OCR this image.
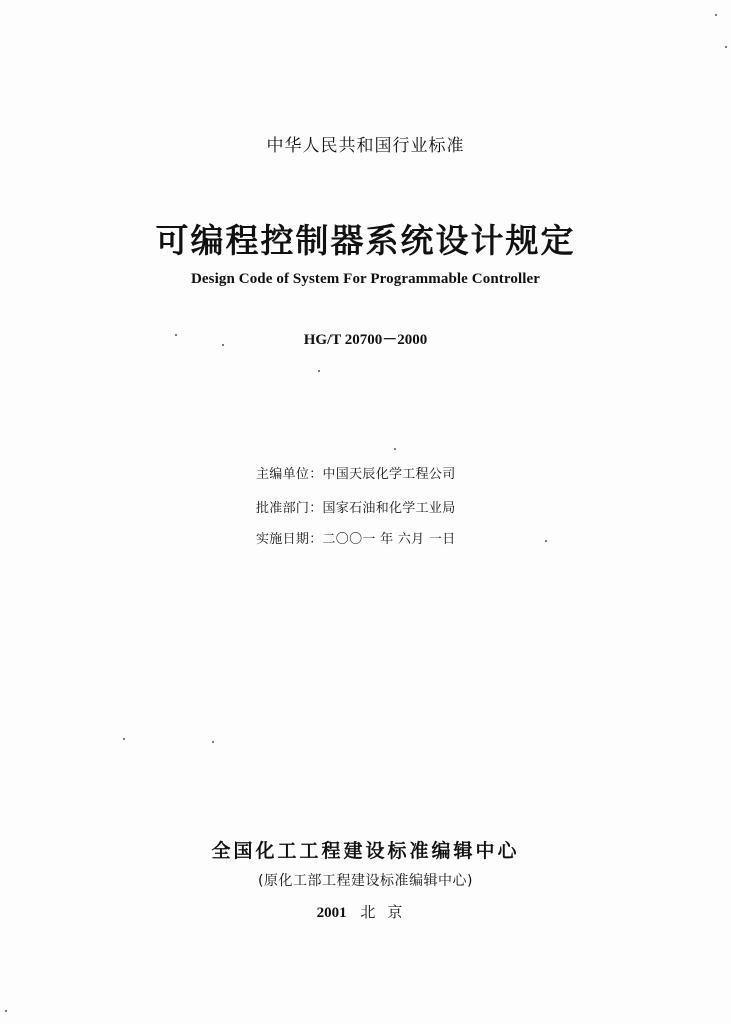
中华人民共和国行业标准
可编程控制器系统设计规定
Design Code of System For Programmable Controller
HG/T 20700－2000
主编单位：中国天辰化学工程公司
批准部门：国家石油和化学工业局
实施日期：二〇〇一 年 六月 一日
全国化工工程建设标准编辑中心
(原化工部工程建设标准编辑中心)
2001 北京
